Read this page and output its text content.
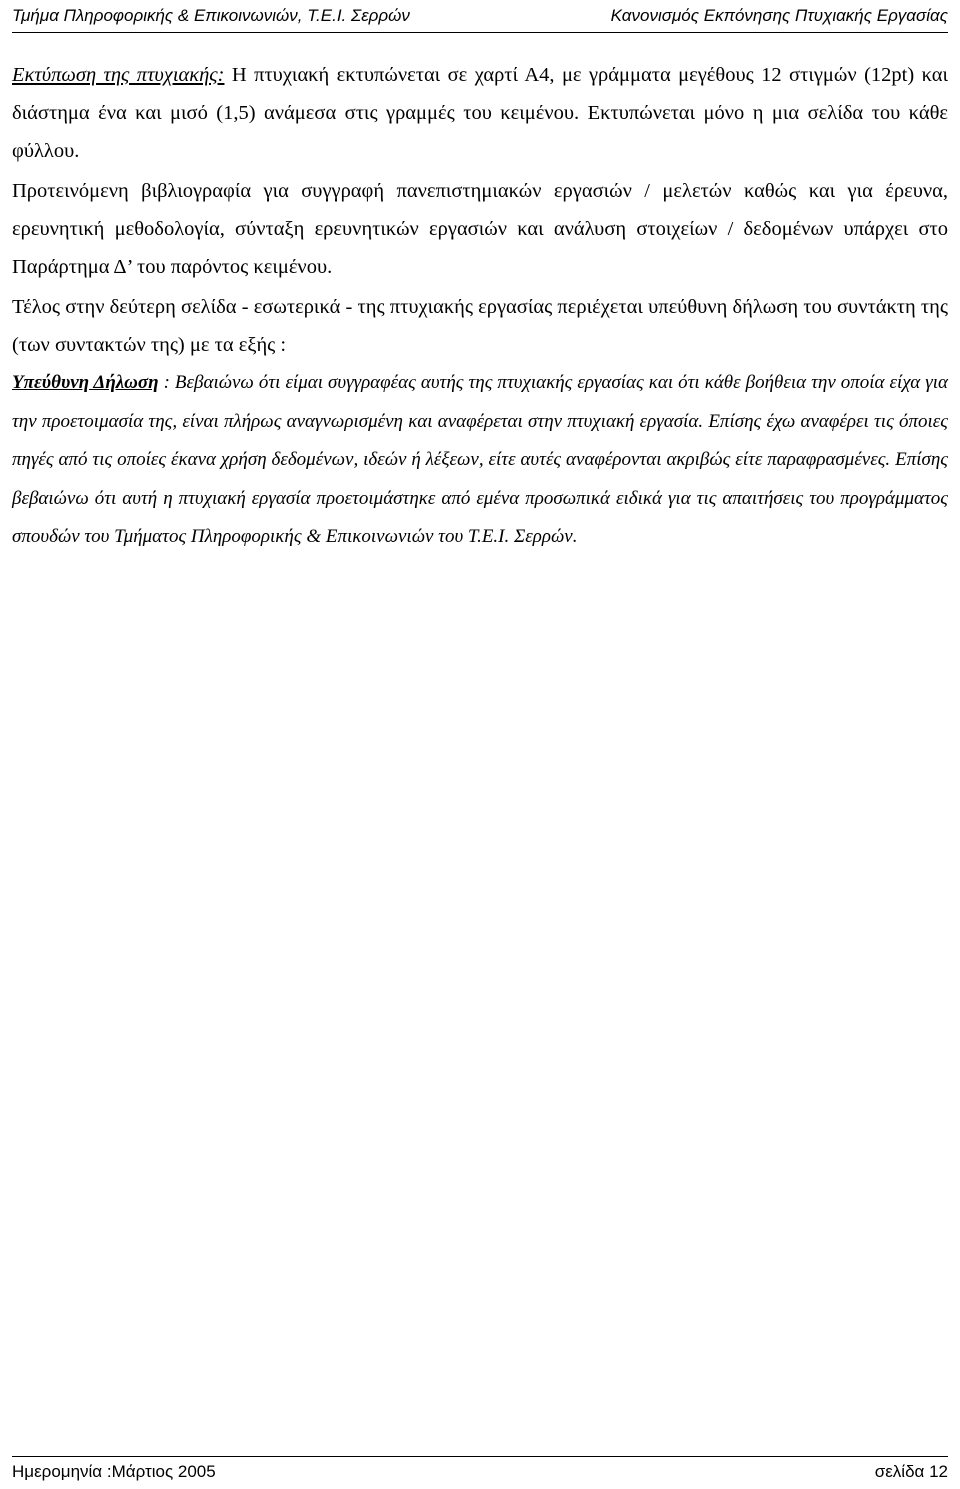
Τμήμα Πληροφορικής & Επικοινωνιών, Τ.Ε.Ι. Σερρών	Κανονισμός Εκπόνησης Πτυχιακής Εργασίας

Εκτύπωση της πτυχιακής: Η πτυχιακή εκτυπώνεται σε χαρτί Α4, με γράμματα μεγέθους 12 στιγμών (12pt) και διάστημα ένα και μισό (1,5) ανάμεσα στις γραμμές του κειμένου. Εκτυπώνεται μόνο η μια σελίδα του κάθε φύλλου.

Προτεινόμενη βιβλιογραφία για συγγραφή πανεπιστημιακών εργασιών / μελετών καθώς και για έρευνα, ερευνητική μεθοδολογία, σύνταξη ερευνητικών εργασιών και ανάλυση στοιχείων / δεδομένων υπάρχει στο Παράρτημα Δ’ του παρόντος κειμένου.

Τέλος στην δεύτερη σελίδα - εσωτερικά - της πτυχιακής εργασίας περιέχεται υπεύθυνη δήλωση του συντάκτη της (των συντακτών της) με τα εξής :

Υπεύθυνη Δήλωση : Βεβαιώνω ότι είμαι συγγραφέας αυτής της πτυχιακής εργασίας και ότι κάθε βοήθεια την οποία είχα για την προετοιμασία της, είναι πλήρως αναγνωρισμένη και αναφέρεται στην πτυχιακή εργασία. Επίσης έχω αναφέρει τις όποιες πηγές από τις οποίες έκανα χρήση δεδομένων, ιδεών ή λέξεων, είτε αυτές αναφέρονται ακριβώς είτε παραφρασμένες. Επίσης βεβαιώνω ότι αυτή η πτυχιακή εργασία προετοιμάστηκε από εμένα προσωπικά ειδικά για τις απαιτήσεις του προγράμματος σπουδών του Τμήματος Πληροφορικής & Επικοινωνιών του Τ.Ε.Ι. Σερρών.

Ημερομηνία :Μάρτιος 2005	σελίδα 12
